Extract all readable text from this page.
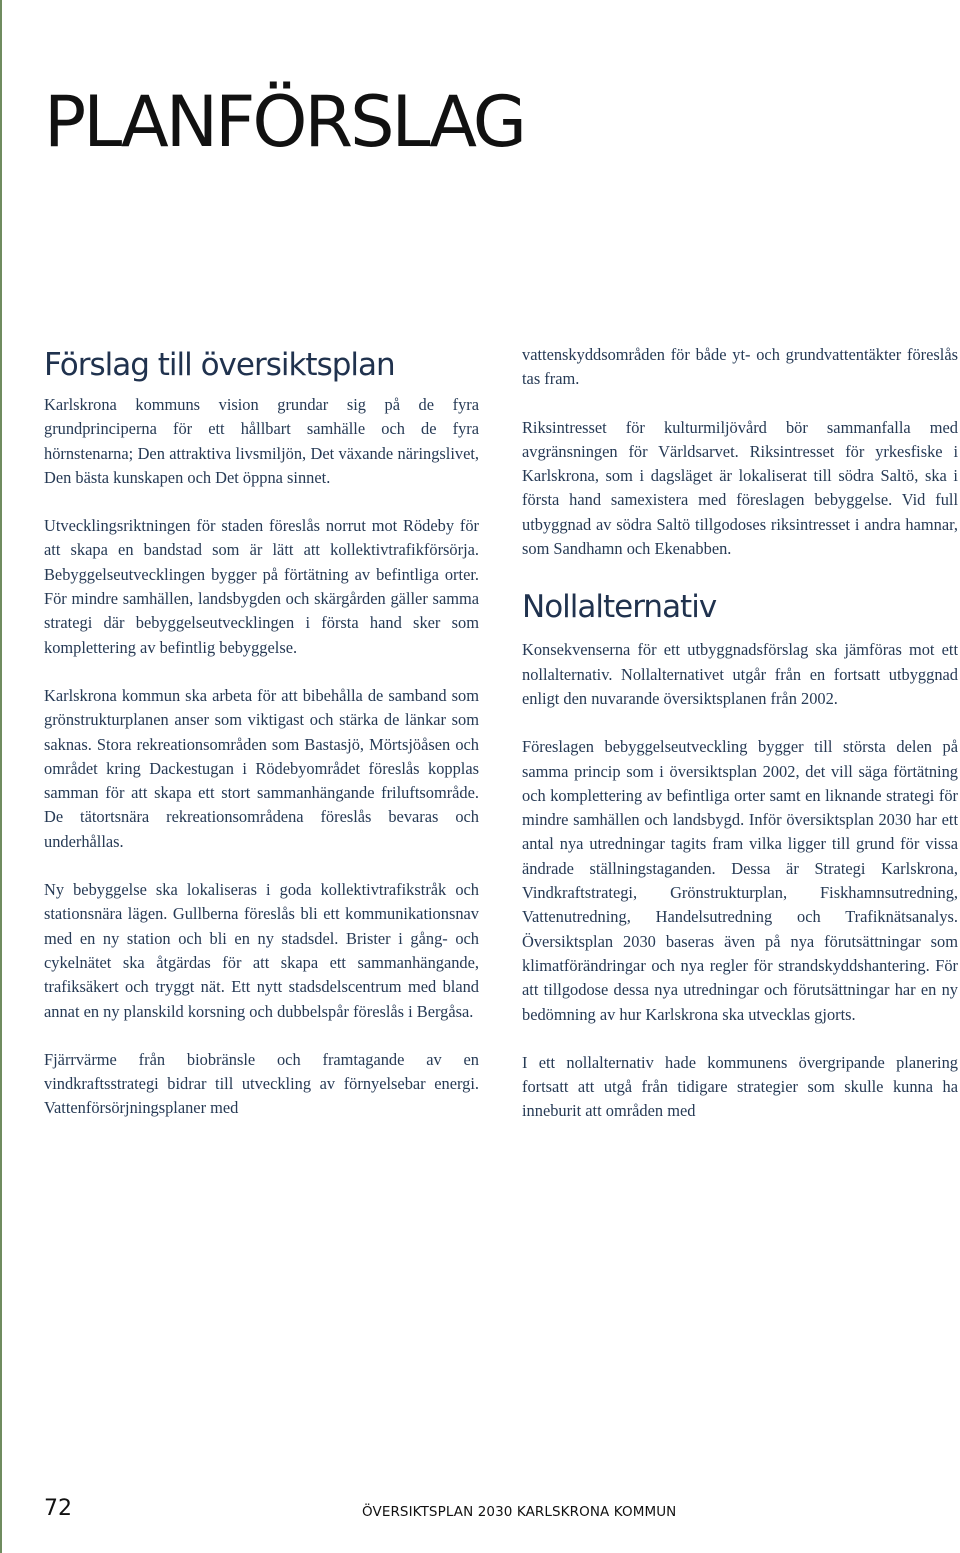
PLANFÖRSLAG
Förslag till översiktsplan

Karlskrona kommuns vision grundar sig på de fyra grundprinciperna för ett hållbart samhälle och de fyra hörnstenarna; Den attraktiva livsmiljön, Det växande näringslivet, Den bästa kunskapen och Det öppna sinnet.

Utvecklingsriktningen för staden föreslås norrut mot Rödeby för att skapa en bandstad som är lätt att kollektivtrafikförsörja. Bebyggelseutvecklingen bygger på förtätning av befintliga orter. För mindre samhällen, landsbygden och skärgården gäller samma strategi där bebyggelseutvecklingen i första hand sker som komplettering av befintlig bebyggelse.

Karlskrona kommun ska arbeta för att bibehålla de samband som grönstrukturplanen anser som viktigast och stärka de länkar som saknas. Stora rekreationsområden som Bastasjö, Mörtsjöåsen och området kring Dackestugan i Rödebyområdet föreslås kopplas samman för att skapa ett stort sammanhängande friluftsområde. De tätortsnära rekreationsområdena föreslås bevaras och underhållas.

Ny bebyggelse ska lokaliseras i goda kollektivtrafikstråk och stationsnära lägen. Gullberna föreslås bli ett kommunikationsnav med en ny station och bli en ny stadsdel. Brister i gång- och cykelnätet ska åtgärdas för att skapa ett sammanhängande, trafiksäkert och tryggt nät. Ett nytt stadsdelscentrum med bland annat en ny planskild korsning och dubbelspår föreslås i Bergåsa.

Fjärrvärme från biobränsle och framtagande av en vindkraftsstrategi bidrar till utveckling av förnyelsebar energi. Vattenförsörjningsplaner med

vattenskyddsområden för både yt- och grundvattentäkter föreslås tas fram.

Riksintresset för kulturmiljövård bör sammanfalla med avgränsningen för Världsarvet. Riksintresset för yrkesfiske i Karlskrona, som i dagsläget är lokaliserat till södra Saltö, ska i första hand samexistera med föreslagen bebyggelse. Vid full utbyggnad av södra Saltö tillgodoses riksintresset i andra hamnar, som Sandhamn och Ekenabben.

Nollalternativ

Konsekvenserna för ett utbyggnadsförslag ska jämföras mot ett nollalternativ. Nollalternativet utgår från en fortsatt utbyggnad enligt den nuvarande översiktsplanen från 2002.

Föreslagen bebyggelseutveckling bygger till största delen på samma princip som i översiktsplan 2002, det vill säga förtätning och komplettering av befintliga orter samt en liknande strategi för mindre samhällen och landsbygd. Inför översiktsplan 2030 har ett antal nya utredningar tagits fram vilka ligger till grund för vissa ändrade ställningstaganden. Dessa är Strategi Karlskrona, Vindkraftstrategi, Grönstrukturplan, Fiskhamnsutredning, Vattenutredning, Handelsutredning och Trafiknätsanalys. Översiktsplan 2030 baseras även på nya förutsättningar som klimatförändringar och nya regler för strandskyddshantering. För att tillgodose dessa nya utredningar och förutsättningar har en ny bedömning av hur Karlskrona ska utvecklas gjorts.

I ett nollalternativ hade kommunens övergripande planering fortsatt att utgå från tidigare strategier som skulle kunna ha inneburit att områden med

72	ÖVERSIKTSPLAN 2030 KARLSKRONA KOMMUN
